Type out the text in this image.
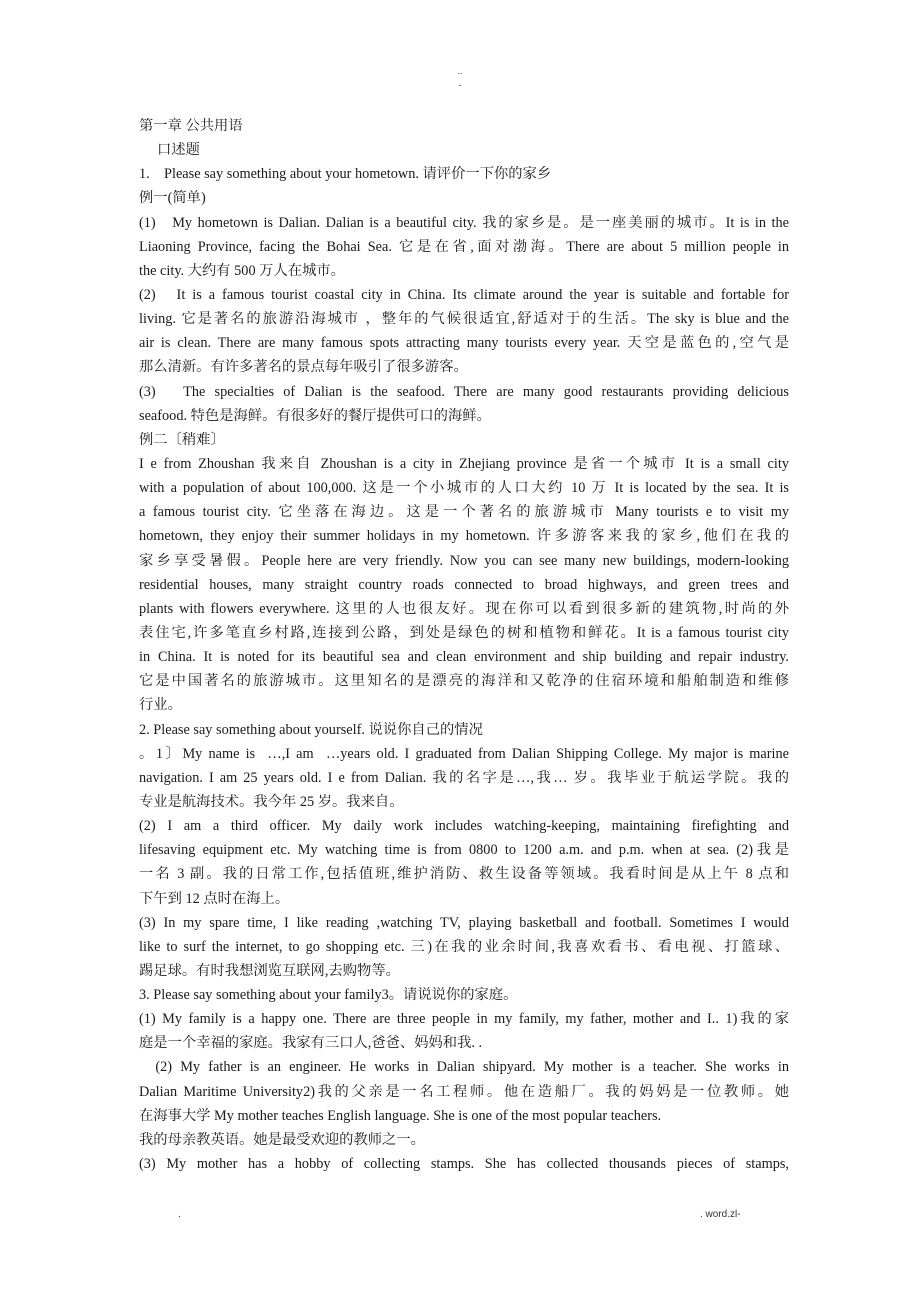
..
-
第一章 公共用语
口述题
1.    Please say something about your hometown. 请评价一下你的家乡
例一(简单)
(1)   My hometown is Dalian. Dalian is a beautiful city. 我的家乡是。是一座美丽的城市。It is in the
Liaoning Province, facing the Bohai Sea. 它是在省,面对渤海。There are about 5 million people in
the city. 大约有 500 万人在城市。
(2)   It is a famous tourist coastal city in China. Its climate around the year is suitable and fortable for
living. 它是著名的旅游沿海城市 ，整年的气候很适宜,舒适对于的生活。The sky is blue and the
air is clean. There are many famous spots attracting many tourists every year. 天空是蓝色的,空气是
那么清新。有许多著名的景点每年吸引了很多游客。
(3)   The specialties of Dalian is the seafood. There are many good restaurants providing delicious
seafood. 特色是海鲜。有很多好的餐厅提供可口的海鲜。
例二〔稍难〕
I e from Zhoushan 我来自 Zhoushan is a city in Zhejiang province 是省一个城市 It is a small city
with a population of about 100,000. 这是一个小城市的人口大约 10 万 It is located by the sea. It is
a famous tourist city. 它坐落在海边。这是一个著名的旅游城市 Many tourists e to visit my
hometown, they enjoy their summer holidays in my hometown. 许多游客来我的家乡,他们在我的
家乡享受暑假。People here are very friendly. Now you can see many new buildings, modern-looking
residential houses, many straight country roads connected to broad highways, and green trees and
plants with flowers everywhere. 这里的人也很友好。现在你可以看到很多新的建筑物,时尚的外
表住宅,许多笔直乡村路,连接到公路，到处是绿色的树和植物和鲜花。It is a famous tourist city
in China. It is noted for its beautiful sea and clean environment and ship building and repair industry.
它是中国著名的旅游城市。这里知名的是漂亮的海洋和又乾净的住宿环境和船舶制造和维修
行业。
2. Please say something about yourself. 说说你自己的情况
。1〕My name is  …,I am  …years old. I graduated from Dalian Shipping College. My major is marine
navigation. I am 25 years old. I e from Dalian. 我的名字是…,我… 岁。我毕业于航运学院。我的
专业是航海技术。我今年 25 岁。我来自。
(2) I am a third officer. My daily work includes watching-keeping, maintaining firefighting and
lifesaving equipment etc. My watching time is from 0800 to 1200 a.m. and p.m. when at sea. (2)我是
一名 3 副。我的日常工作,包括值班,维护消防、救生设备等领域。我看时间是从上午 8 点和
下午到 12 点时在海上。
(3) In my spare time, I like reading ,watching TV, playing basketball and football. Sometimes I would
like to surf the internet, to go shopping etc. 三)在我的业余时间,我喜欢看书、看电视、打篮球、
踢足球。有时我想浏览互联网,去购物等。
3. Please say something about your family3。请说说你的家庭。
(1) My family is a happy one. There are three people in my family, my father, mother and I.. 1)我的家
庭是一个幸福的家庭。我家有三口人,爸爸、妈妈和我. .
(2) My father is an engineer. He works in Dalian shipyard. My mother is a teacher. She works in
Dalian Maritime University2)我的父亲是一名工程师。他在造船厂。我的妈妈是一位教师。她
在海事大学 My mother teaches English language. She is one of the most popular teachers.
我的母亲教英语。她是最受欢迎的教师之一。
(3) My mother has a hobby of collecting stamps. She has collected thousands pieces of stamps,
.	. word.zl-
